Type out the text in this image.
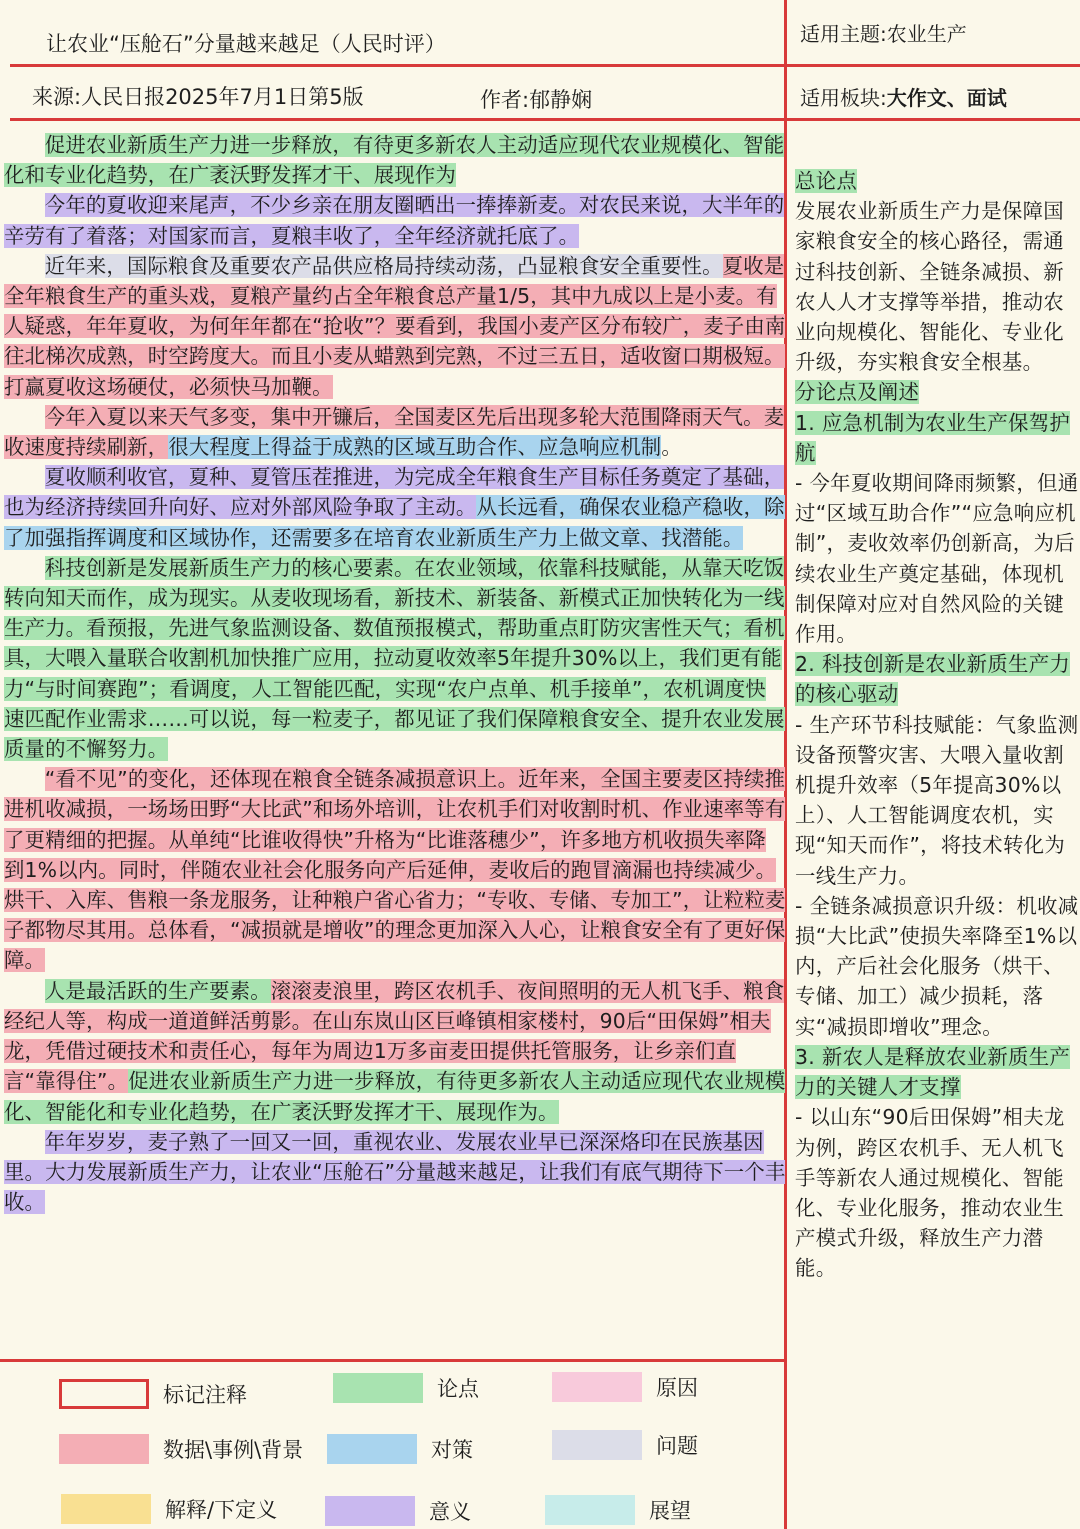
让农业“压舱石”分量越来越足（人民时评）	适用主题:农业生产
来源:人民日报2025年7月1日第5版	作者:郁静娴	适用板块:大作文、面试

促进农业新质生产力进一步释放，有待更多新农人主动适应现代农业规模化、智能化和专业化趋势，在广袤沃野发挥才干、展现作为

今年的夏收迎来尾声，不少乡亲在朋友圈晒出一捧捧新麦。对农民来说，大半年的辛劳有了着落；对国家而言，夏粮丰收了，全年经济就托底了。

近年来，国际粮食及重要农产品供应格局持续动荡，凸显粮食安全重要性。夏收是全年粮食生产的重头戏，夏粮产量约占全年粮食总产量1/5，其中九成以上是小麦。有人疑惑，年年夏收，为何年年都在“抢收”？要看到，我国小麦产区分布较广，麦子由南往北梯次成熟，时空跨度大。而且小麦从蜡熟到完熟，不过三五日，适收窗口期极短。打赢夏收这场硬仗，必须快马加鞭。

今年入夏以来天气多变，集中开镰后，全国麦区先后出现多轮大范围降雨天气。麦收速度持续刷新，很大程度上得益于成熟的区域互助合作、应急响应机制。

夏收顺利收官，夏种、夏管压茬推进，为完成全年粮食生产目标任务奠定了基础，也为经济持续回升向好、应对外部风险争取了主动。从长远看，确保农业稳产稳收，除了加强指挥调度和区域协作，还需要多在培育农业新质生产力上做文章、找潜能。

科技创新是发展新质生产力的核心要素。在农业领域，依靠科技赋能，从靠天吃饭转向知天而作，成为现实。从麦收现场看，新技术、新装备、新模式正加快转化为一线生产力。看预报，先进气象监测设备、数值预报模式，帮助重点盯防灾害性天气；看机具，大喂入量联合收割机加快推广应用，拉动夏收效率5年提升30%以上，我们更有能力“与时间赛跑”；看调度，人工智能匹配，实现“农户点单、机手接单”，农机调度快速匹配作业需求……可以说，每一粒麦子，都见证了我们保障粮食安全、提升农业发展质量的不懈努力。

“看不见”的变化，还体现在粮食全链条减损意识上。近年来，全国主要麦区持续推进机收减损，一场场田野“大比武”和场外培训，让农机手们对收割时机、作业速率等有了更精细的把握。从单纯“比谁收得快”升格为“比谁落穗少”，许多地方机收损失率降到1%以内。同时，伴随农业社会化服务向产后延伸，麦收后的跑冒滴漏也持续减少。烘干、入库、售粮一条龙服务，让种粮户省心省力；“专收、专储、专加工”，让粒粒麦子都物尽其用。总体看，“减损就是增收”的理念更加深入人心，让粮食安全有了更好保障。

人是最活跃的生产要素。滚滚麦浪里，跨区农机手、夜间照明的无人机飞手、粮食经纪人等，构成一道道鲜活剪影。在山东岚山区巨峰镇相家楼村，90后“田保姆”相夫龙，凭借过硬技术和责任心，每年为周边1万多亩麦田提供托管服务，让乡亲们直言“靠得住”。促进农业新质生产力进一步释放，有待更多新农人主动适应现代农业规模化、智能化和专业化趋势，在广袤沃野发挥才干、展现作为。

年年岁岁，麦子熟了一回又一回，重视农业、发展农业早已深深烙印在民族基因里。大力发展新质生产力，让农业“压舱石”分量越来越足，让我们有底气期待下一个丰收。

总论点

发展农业新质生产力是保障国家粮食安全的核心路径，需通过科技创新、全链条减损、新农人人才支撑等举措，推动农业向规模化、智能化、专业化升级，夯实粮食安全根基。

分论点及阐述

1. 应急机制为农业生产保驾护航

- 今年夏收期间降雨频繁，但通过“区域互助合作”“应急响应机制”，麦收效率仍创新高，为后续农业生产奠定基础，体现机制保障对应对自然风险的关键作用。

2. 科技创新是农业新质生产力的核心驱动

- 生产环节科技赋能：气象监测设备预警灾害、大喂入量收割机提升效率（5年提高30%以上）、人工智能调度农机，实现“知天而作”，将技术转化为一线生产力。

- 全链条减损意识升级：机收减损“大比武”使损失率降至1%以内，产后社会化服务（烘干、专储、加工）减少损耗，落实“减损即增收”理念。

3. 新农人是释放农业新质生产力的关键人才支撑

- 以山东“90后田保姆”相夫龙为例，跨区农机手、无人机飞手等新农人通过规模化、智能化、专业化服务，推动农业生产模式升级，释放生产力潜能。

标记注释	论点	原因
数据\事例\背景	对策	问题
解释/下定义	意义	展望
